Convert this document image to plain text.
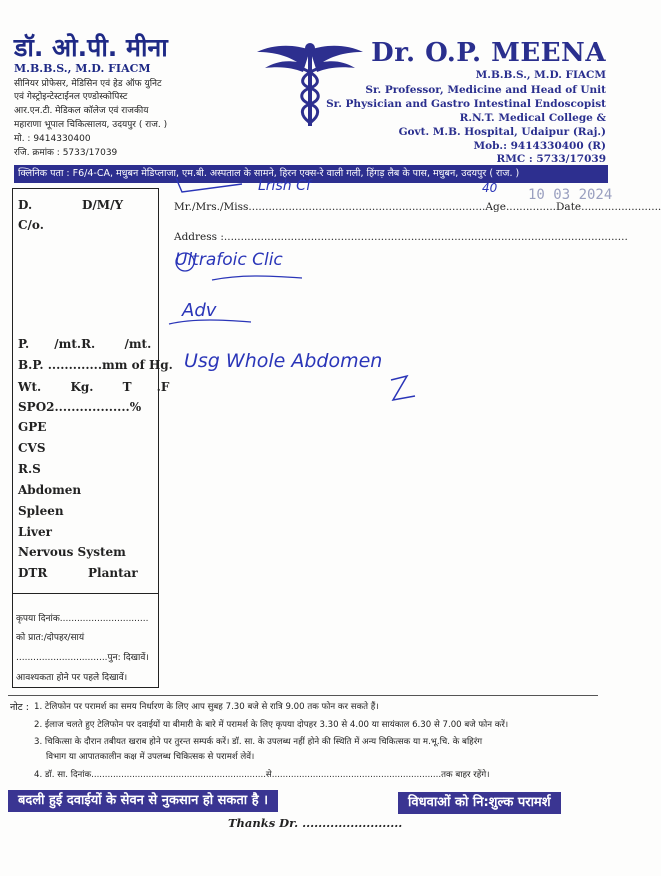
डॉ. ओ.पी. मीना
M.B.B.S., M.D. FIACM
सीनियर प्रोफेसर, मेडिसिन एवं हेड ऑफ युनिट
एवं गेस्ट्रोइन्टेस्टाईनल एण्डोस्कोपिस्ट
आर.एन.टी. मेडिकल कॉलेज एवं राजकीय
महाराणा भूपाल चिकित्सालय, उदयपुर ( राज. )
मो. : 9414330400
रजि. क्रमांक : 5733/17039
Dr. O.P. MEENA
M.B.B.S., M.D. FIACM
Sr. Professor, Medicine and Head of Unit
Sr. Physician and Gastro Intestinal Endoscopist
R.N.T. Medical College &
Govt. M.B. Hospital, Udaipur (Raj.)
Mob.: 9414330400 (R)
RMC : 5733/17039
क्लिनिक पता : F6/4-CA, मधुबन मेडिप्लाजा, एम.बी. अस्पताल के सामने, हिरन एक्स-रे वाली गली, हिंगड़ लैब के पास, मधुबन, उदयपुर ( राज. )
Mr./Mrs./Miss.......................................................................Age...............Date........................
Lrish Cf	40 10 03 2024
Address :.........................................................................................................................
Ultrafoic Clic
Adv
Usg Whole Abdomen
D.	D/M/Y
C/o.
P.      /mt.R.       /mt.
B.P. .............mm of Hg.
Wt.       Kg.       T      .F
SPO2..................%
GPE
CVS
R.S
Abdomen
Spleen
Liver
Nervous System
DTR	Plantar
कृपया दिनांक...............................
को प्रात:/दोपहर/सायं
................................पुन: दिखावें।
आवश्यकता होने पर पहले दिखावें।
नोट : 1. टेलिफोन पर परामर्श का समय निर्धारण के लिए आप सुबह 7.30 बजे से रात्रि 9.00 तक फोन कर सकते हैं।
2. ईलाज चलते हुए टेलिफोन पर दवाईयों या बीमारी के बारे में परामर्श के लिए कृपया दोपहर 3.30 से 4.00 या सायंकाल 6.30 से 7.00 बजे फोन करें।
3. चिकित्सा के दौरान तबीयत खराब होने पर तुरन्त सम्पर्क करें। डॉ. सा. के उपलब्ध नहीं होने की स्थिति में अन्य चिकित्सक या म.भू.चि. के बहिरंग
विभाग या आपातकालीन कक्ष में उपलब्ध चिकित्सक से परामर्श लेवें।
4. डॉ. सा. दिनांक................................................................से..............................................................तक बाहर रहेंगे।
बदली हुई दवाईयों के सेवन से नुकसान हो सकता है ।	विधवाओं को नि:शुल्क परामर्श
Thanks Dr. .........................
